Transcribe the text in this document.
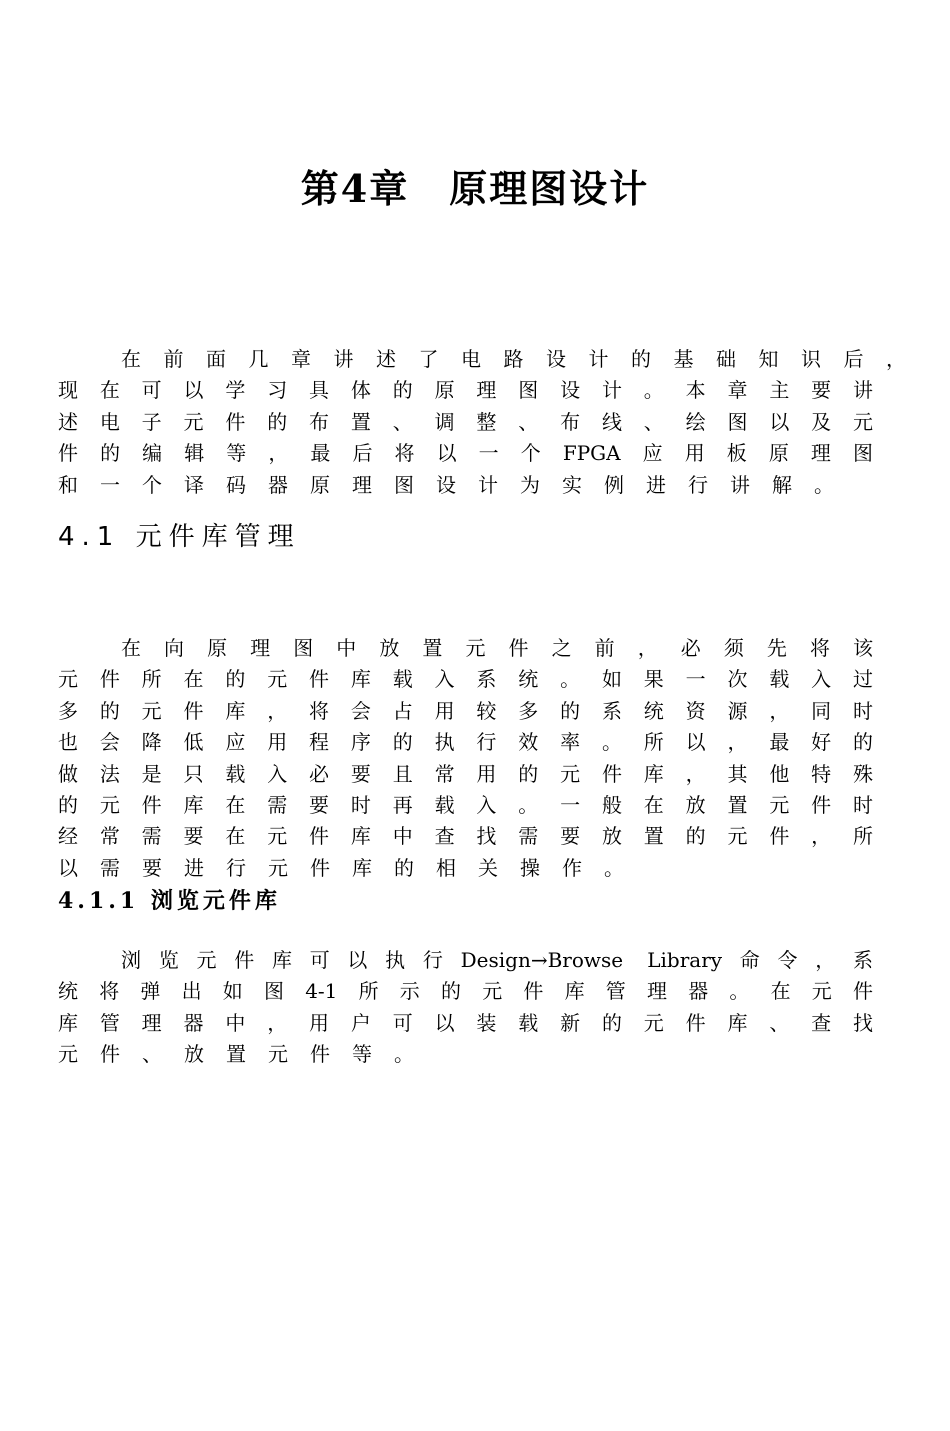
第4章 原理图设计
在前面几章讲述了电路设计的基础知识后，
现在可以学习具体的原理图设计。本章主要讲
述电子元件的布置、调整、布线、绘图以及元
件的编辑等，最后将以一个FPGA应用板原理图
和一个译码器原理图设计为实例进行讲解。
4.1 元件库管理
在向原理图中放置元件之前，必须先将该
元件所在的元件库载入系统。如果一次载入过
多的元件库，将会占用较多的系统资源，同时
也会降低应用程序的执行效率。所以，最好的
做法是只载入必要且常用的元件库，其他特殊
的元件库在需要时再载入。一般在放置元件时
经常需要在元件库中查找需要放置的元件，所
以需要进行元件库的相关操作。
4.1.1 浏览元件库
浏览元件库可以执行Design→Browse Library命令，系
统将弹出如图4-1所示的元件库管理器。在元件
库管理器中，用户可以装载新的元件库、查找
元件、放置元件等。
